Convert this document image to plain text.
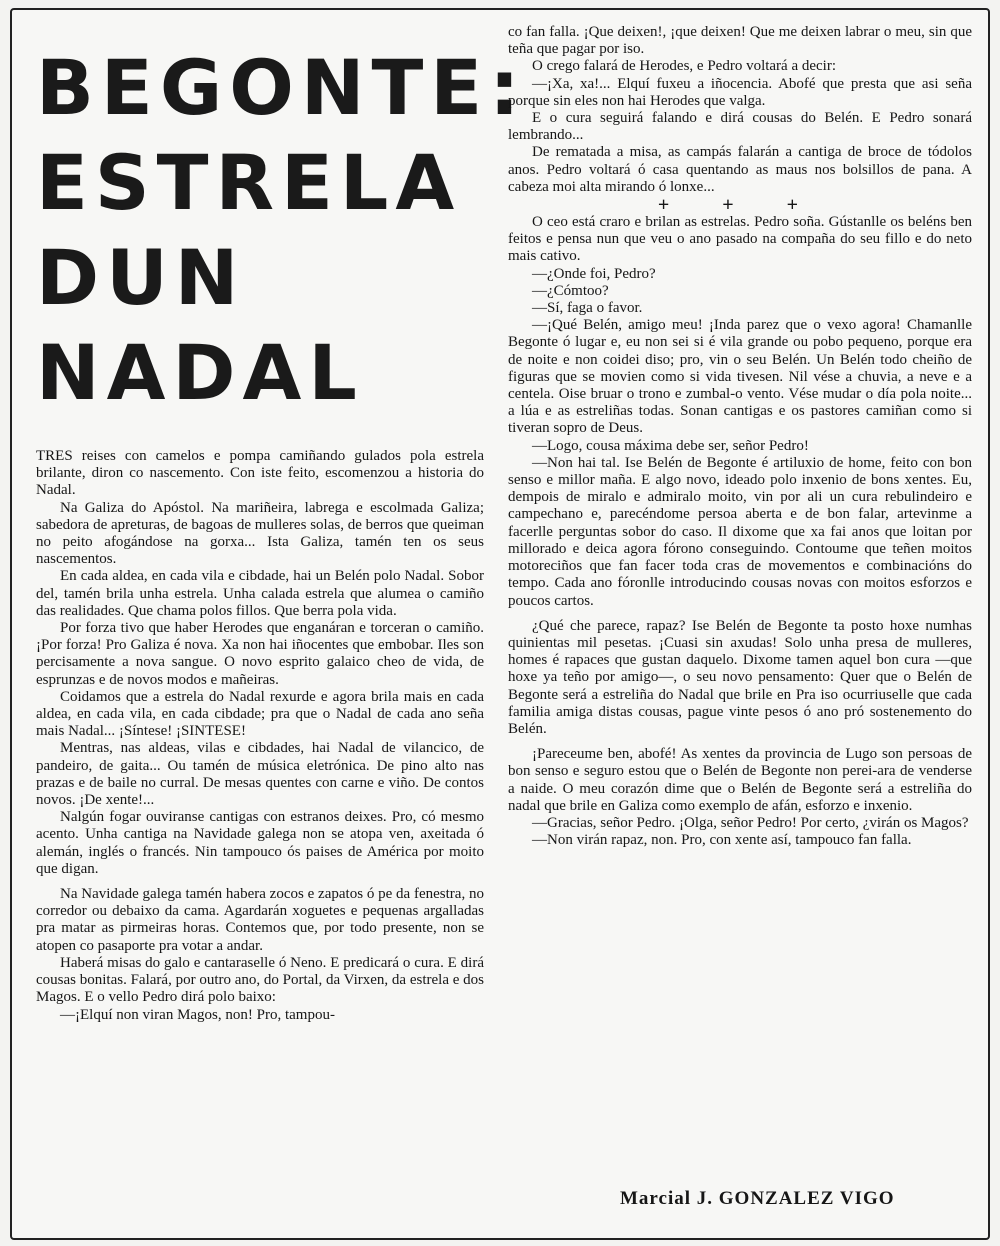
BEGONTE:
ESTRELA
DUN
NADAL

TRES reises con camelos e pompa camiñando gulados pola estrela brilante, diron co nascemento. Con iste feito, escomenzou a historia do Nadal.

Na Galiza do Apóstol. Na mariñeira, labrega e escolmada Galiza; sabedora de apreturas, de bagoas de mulleres solas, de berros que queiman no peito afogándose na gorxa... Ista Galiza, tamén ten os seus nascementos.

En cada aldea, en cada vila e cibdade, hai un Belén polo Nadal. Sobor del, tamén brila unha estrela. Unha calada estrela que alumea o camiño das realidades. Que chama polos fillos. Que berra pola vida.

Por forza tivo que haber Herodes que enganáran e torceran o camiño. ¡Por forza! Pro Galiza é nova. Xa non hai iñocentes que embobar. Iles son percisamente a nova sangue. O novo esprito galaico cheo de vida, de esprunzas e de novos modos e mañeiras.

Coidamos que a estrela do Nadal rexurde e agora brila mais en cada aldea, en cada vila, en cada cibdade; pra que o Nadal de cada ano seña mais Nadal... ¡Síntese! ¡SINTESE!

Mentras, nas aldeas, vilas e cibdades, hai Nadal de vilancico, de pandeiro, de gaita... Ou tamén de música eletrónica. De pino alto nas prazas e de baile no curral. De mesas quentes con carne e viño. De contos novos. ¡De xente!...

Nalgún fogar ouviranse cantigas con estranos deixes. Pro, có mesmo acento. Unha cantiga na Navidade galega non se atopa ven, axeitada ó alemán, inglés o francés. Nin tampouco ós paises de América por moito que digan.

Na Navidade galega tamén habera zocos e zapatos ó pe da fenestra, no corredor ou debaixo da cama. Agardarán xoguetes e pequenas argalladas pra matar as pirmeiras horas. Contemos que, por todo presente, non se atopen co pasaporte pra votar a andar.

Haberá misas do galo e cantaraselle ó Neno. E predicará o cura. E dirá cousas bonitas. Falará, por outro ano, do Portal, da Virxen, da estrela e dos Magos. E o vello Pedro dirá polo baixo:

—¡Elquí non viran Magos, non! Pro, tampou-

co fan falla. ¡Que deixen!, ¡que deixen! Que me deixen labrar o meu, sin que teña que pagar por iso.

O crego falará de Herodes, e Pedro voltará a decir:

—¡Xa, xa!... Elquí fuxeu a iñocencia. Abofé que presta que asi seña porque sin eles non hai Herodes que valga.

E o cura seguirá falando e dirá cousas do Belén. E Pedro sonará lembrando...

De rematada a misa, as campás falarán a cantiga de broce de tódolos anos. Pedro voltará ó casa quentando as maus nos bolsillos de pana. A cabeza moi alta mirando ó lonxe...

+ + +

O ceo está craro e brilan as estrelas. Pedro soña. Gústanlle os beléns ben feitos e pensa nun que veu o ano pasado na compaña do seu fillo e do neto mais cativo.

—¿Onde foi, Pedro?

—¿Cómtoo?

—Sí, faga o favor.

—¡Qué Belén, amigo meu! ¡Inda parez que o vexo agora! Chamanlle Begonte ó lugar e, eu non sei si é vila grande ou pobo pequeno, porque era de noite e non coidei diso; pro, vin o seu Belén. Un Belén todo cheiño de figuras que se movien como si vida tivesen. Nil vése a chuvia, a neve e a centela. Oise bruar o trono e zumbal-o vento. Vése mudar o día pola noite... a lúa e as estreliñas todas. Sonan cantigas e os pastores camiñan como si tiveran sopro de Deus.

—Logo, cousa máxima debe ser, señor Pedro!

—Non hai tal. Ise Belén de Begonte é artiluxio de home, feito con bon senso e millor maña. E algo novo, ideado polo inxenio de bons xentes. Eu, dempois de miralo e admiralo moito, vin por ali un cura rebulindeiro e campechano e, parecéndome persoa aberta e de bon falar, artevinme a facerlle perguntas sobor do caso. Il dixome que xa fai anos que loitan por millorado e deica agora fórono conseguindo. Contoume que teñen moitos motoreciños que fan facer toda cras de movementos e combinacións do tempo. Cada ano fóronlle introducindo cousas novas con moitos esforzos e poucos cartos.

¿Qué che parece, rapaz? Ise Belén de Begonte ta posto hoxe numhas quinientas mil pesetas. ¡Cuasi sin axudas! Solo unha presa de mulleres, homes é rapaces que gustan daquelo. Dixome tamen aquel bon cura —que hoxe ya teño por amigo—, o seu novo pensamento: Quer que o Belén de Begonte será a estreliña do Nadal que brile en Pra iso ocurriuselle que cada familia amiga distas cousas, pague vinte pesos ó ano pró sostenemento do Belén.

¡Pareceume ben, abofé! As xentes da provincia de Lugo son persoas de bon senso e seguro estou que o Belén de Begonte non perei-ara de venderse a naide. O meu corazón dime que o Belén de Begonte será a estreliña do nadal que brile en Galiza como exemplo de afán, esforzo e inxenio.

—Gracias, señor Pedro. ¡Olga, señor Pedro! Por certo, ¿virán os Magos?

—Non virán rapaz, non. Pro, con xente así, tampouco fan falla.

Marcial J. GONZALEZ VIGO
